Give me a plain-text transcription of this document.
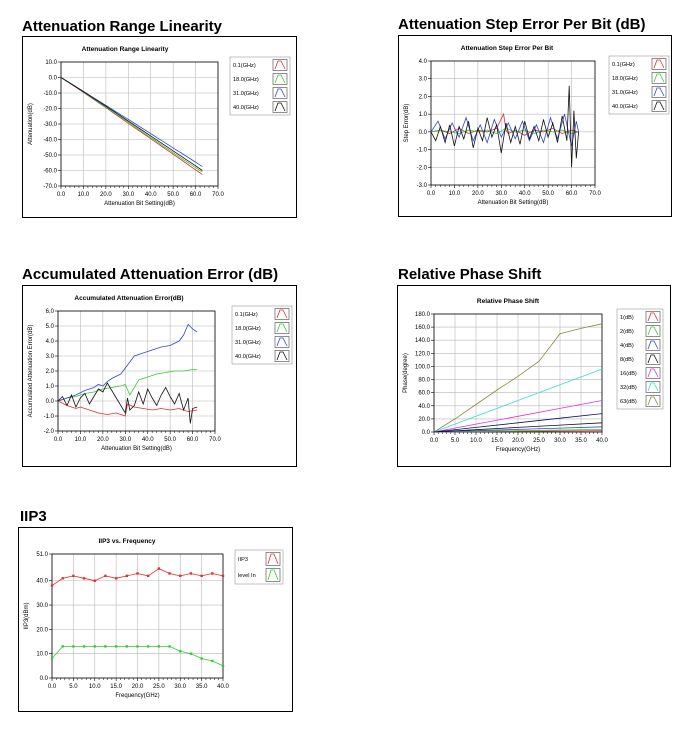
Attenuation Range Linearity	Attenuation Step Error Per Bit (dB)
Accumulated Attenuation Error (dB)	Relative Phase Shift
IIP3
Attenuation Range Linearity
0.0 10.0 20.0 30.0 40.0 50.0 60.0 70.0
10.0
0.0
-10.0
-20.0
-30.0
-40.0
-50.0
-60.0
-70.0
Attenuation Bit Setting(dB)
Attenuation(dB)
0.1(GHz)
18.0(GHz)
31.0(GHz)
40.0(GHz)
Attenuation Step Error Per Bit
0.0 10.0 20.0 30.0 40.0 50.0 60.0 70.0
4.0
3.0
2.0
1.0
0.0
-1.0
-2.0
-3.0
Attenuation Bit Setting(dB)
Step Error(dB)
0.1(GHz)
18.0(GHz)
31.0(GHz)
40.0(GHz)
Accumulated Attenuation Error(dB)
0.0 10.0 20.0 30.0 40.0 50.0 60.0 70.0
6.0
5.0
4.0
3.0
2.0
1.0
0.0
-1.0
-2.0
Attenuation Bit Setting(dB)
Accumulated Attenuation Error(dB)
0.1(GHz)
18.0(GHz)
31.0(GHz)
40.0(GHz)
Relative Phase Shift
0.0 5.0 10.0 15.0 20.0 25.0 30.0 35.0 40.0
180.0
160.0
140.0
120.0
100.0
80.0
60.0
40.0
20.0
0.0
Frequency(GHz)
Phase(degree)
1(dB)
2(dB)
4(dB)
8(dB)
16(dB)
32(dB)
63(dB)
IIP3 vs. Frequency
0.0 5.0 10.0 15.0 20.0 25.0 30.0 35.0 40.0
51.0
40.0
30.0
20.0
10.0
0.0
Frequency(GHz)
IIP3(dBm)
IIP3
level In
